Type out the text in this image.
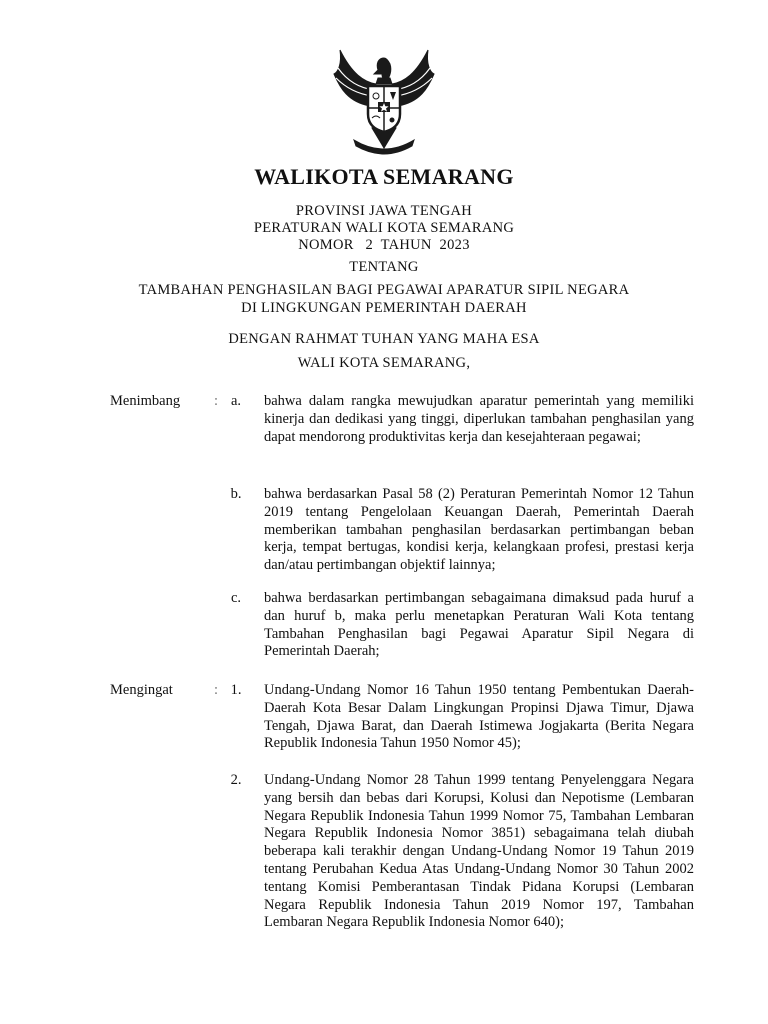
WALIKOTA SEMARANG
PROVINSI JAWA TENGAH
PERATURAN WALI KOTA SEMARANG
NOMOR   2  TAHUN  2023
TENTANG
TAMBAHAN PENGHASILAN BAGI PEGAWAI APARATUR SIPIL NEGARA
DI LINGKUNGAN PEMERINTAH DAERAH
DENGAN RAHMAT TUHAN YANG MAHA ESA
WALI KOTA SEMARANG,
Menimbang : a. bahwa dalam rangka mewujudkan aparatur pemerintah yang memiliki kinerja dan dedikasi yang tinggi, diperlukan tambahan penghasilan yang dapat mendorong produktivitas kerja dan kesejahteraan pegawai;
b. bahwa berdasarkan Pasal 58 (2) Peraturan Pemerintah Nomor 12 Tahun 2019 tentang Pengelolaan Keuangan Daerah, Pemerintah Daerah memberikan tambahan penghasilan berdasarkan pertimbangan beban kerja, tempat bertugas, kondisi kerja, kelangkaan profesi, prestasi kerja dan/atau pertimbangan objektif lainnya;
c. bahwa berdasarkan pertimbangan sebagaimana dimaksud pada huruf a dan huruf b, maka perlu menetapkan Peraturan Wali Kota tentang Tambahan Penghasilan bagi Pegawai Aparatur Sipil Negara di Pemerintah Daerah;
Mengingat	: 1. Undang-Undang Nomor 16 Tahun 1950 tentang Pembentukan Daerah-Daerah Kota Besar Dalam Lingkungan Propinsi Djawa Timur, Djawa Tengah, Djawa Barat, dan Daerah Istimewa Jogjakarta (Berita Negara Republik Indonesia Tahun 1950 Nomor 45);
2. Undang-Undang Nomor 28 Tahun 1999 tentang Penyelenggara Negara yang bersih dan bebas dari Korupsi, Kolusi dan Nepotisme (Lembaran Negara Republik Indonesia Tahun 1999 Nomor 75, Tambahan Lembaran Negara Republik Indonesia Nomor 3851) sebagaimana telah diubah beberapa kali terakhir dengan Undang-Undang Nomor 19 Tahun 2019 tentang Perubahan Kedua Atas Undang-Undang Nomor 30 Tahun 2002 tentang Komisi Pemberantasan Tindak Pidana Korupsi (Lembaran Negara Republik Indonesia Tahun 2019 Nomor 197, Tambahan Lembaran Negara Republik Indonesia Nomor 640);
